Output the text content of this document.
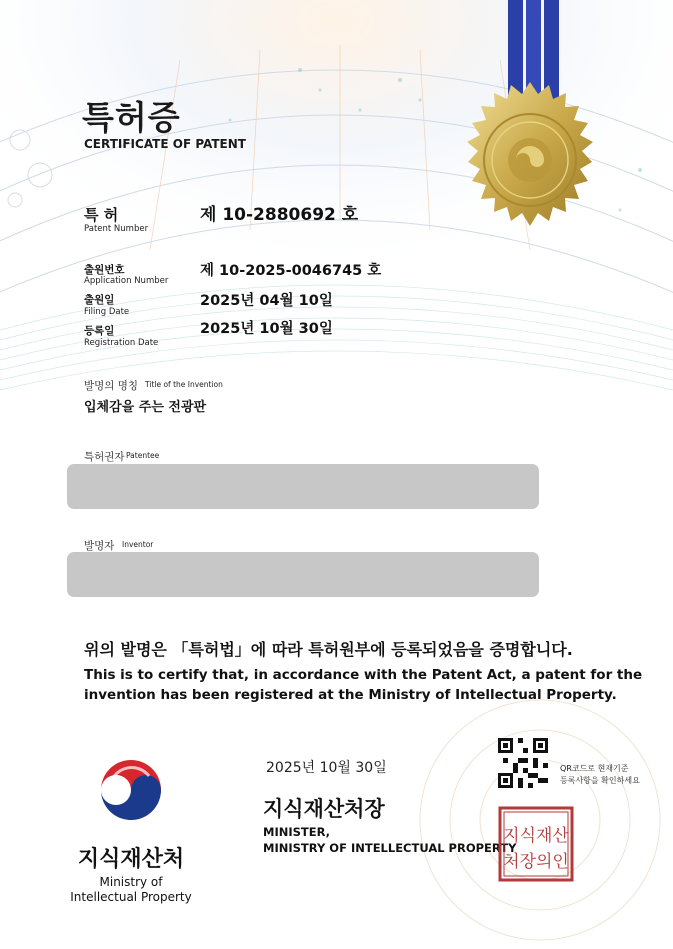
특허증
CERTIFICATE OF PATENT
특 허
Patent Number
제 10-2880692 호
출원번호
Application Number
제 10-2025-0046745 호
출원일
Filing Date
2025년 04월 10일
등록일
Registration Date
2025년 10월 30일
발명의 명칭 Title of the Invention
입체감을 주는 전광판
특허권자 Patentee
발명자 Inventor
위의 발명은 「특허법」에 따라 특허원부에 등록되었음을 증명합니다.
This is to certify that, in accordance with the Patent Act, a patent for the
invention has been registered at the Ministry of Intellectual Property.
지식재산처
Ministry of
Intellectual Property
2025년 10월 30일
지식재산처장
MINISTER,
MINISTRY OF INTELLECTUAL PROPERTY
QR코드로 현재기준
등록사항을 확인하세요
지식재산
처장의인
